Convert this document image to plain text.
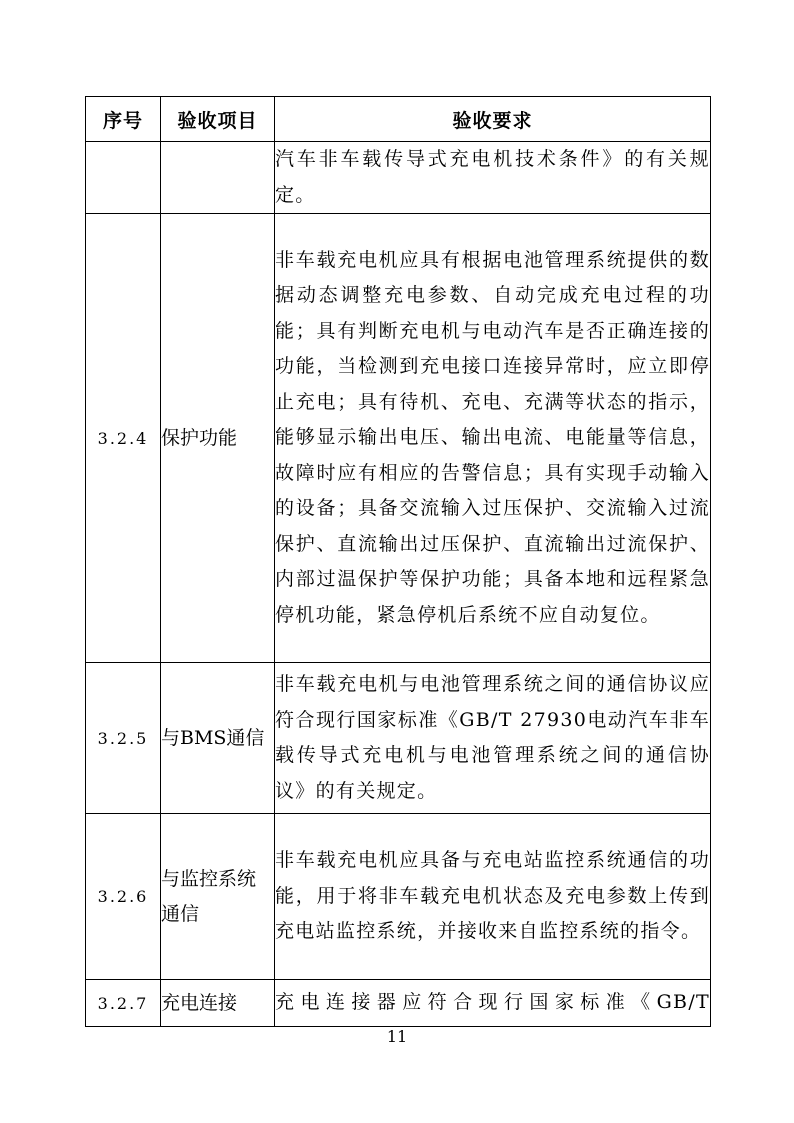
序号	验收项目	验收要求
		汽车非车载传导式充电机技术条件》的有关规定。
3.2.4	保护功能	非车载充电机应具有根据电池管理系统提供的数据动态调整充电参数、自动完成充电过程的功能；具有判断充电机与电动汽车是否正确连接的功能，当检测到充电接口连接异常时，应立即停止充电；具有待机、充电、充满等状态的指示，能够显示输出电压、输出电流、电能量等信息，故障时应有相应的告警信息；具有实现手动输入的设备；具备交流输入过压保护、交流输入过流保护、直流输出过压保护、直流输出过流保护、内部过温保护等保护功能；具备本地和远程紧急停机功能，紧急停机后系统不应自动复位。
3.2.5	与BMS通信	非车载充电机与电池管理系统之间的通信协议应符合现行国家标准《GB/T 27930电动汽车非车载传导式充电机与电池管理系统之间的通信协议》的有关规定。
3.2.6	与监控系统通信	非车载充电机应具备与充电站监控系统通信的功能，用于将非车载充电机状态及充电参数上传到充电站监控系统，并接收来自监控系统的指令。
3.2.7	充电连接	充电连接器应符合现行国家标准《GB/T
11
